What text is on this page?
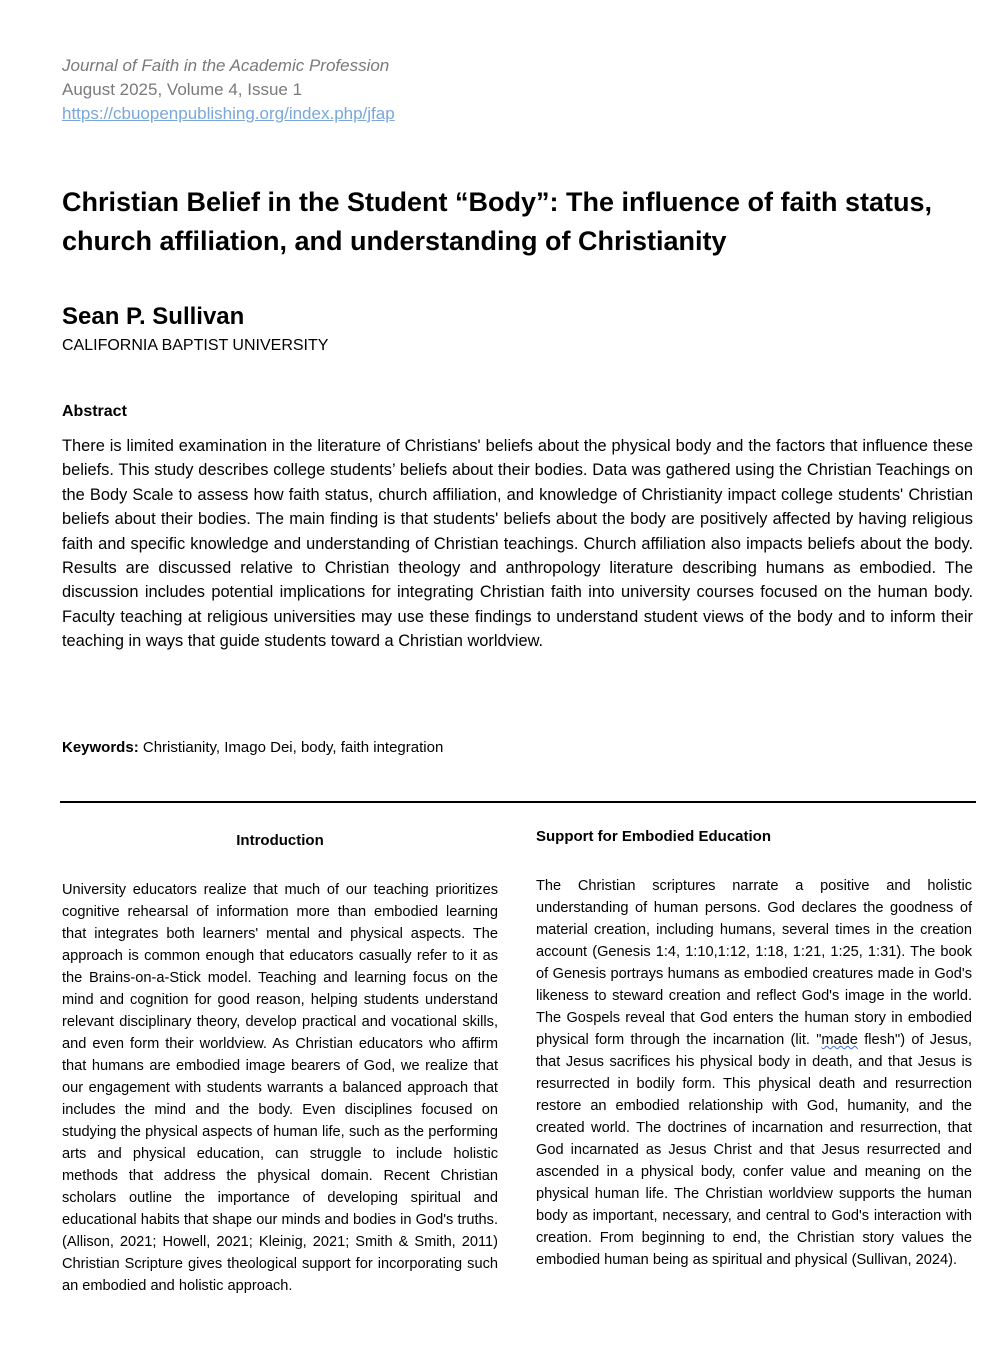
Journal of Faith in the Academic Profession
August 2025, Volume 4, Issue 1
https://cbuopenpublishing.org/index.php/jfap
Christian Belief in the Student “Body”: The influence of faith status, church affiliation, and understanding of Christianity
Sean P. Sullivan
CALIFORNIA BAPTIST UNIVERSITY
Abstract

There is limited examination in the literature of Christians' beliefs about the physical body and the factors that influence these beliefs. This study describes college students’ beliefs about their bodies. Data was gathered using the Christian Teachings on the Body Scale to assess how faith status, church affiliation, and knowledge of Christianity impact college students' Christian beliefs about their bodies. The main finding is that students' beliefs about the body are positively affected by having religious faith and specific knowledge and understanding of Christian teachings. Church affiliation also impacts beliefs about the body. Results are discussed relative to Christian theology and anthropology literature describing humans as embodied. The discussion includes potential implications for integrating Christian faith into university courses focused on the human body. Faculty teaching at religious universities may use these findings to understand student views of the body and to inform their teaching in ways that guide students toward a Christian worldview.

Keywords: Christianity, Imago Dei, body, faith integration
Introduction

University educators realize that much of our teaching prioritizes cognitive rehearsal of information more than embodied learning that integrates both learners' mental and physical aspects. The approach is common enough that educators casually refer to it as the Brains-on-a-Stick model. Teaching and learning focus on the mind and cognition for good reason, helping students understand relevant disciplinary theory, develop practical and vocational skills, and even form their worldview. As Christian educators who affirm that humans are embodied image bearers of God, we realize that our engagement with students warrants a balanced approach that includes the mind and the body. Even disciplines focused on studying the physical aspects of human life, such as the performing arts and physical education, can struggle to include holistic methods that address the physical domain. Recent Christian scholars outline the importance of developing spiritual and educational habits that shape our minds and bodies in God's truths. (Allison, 2021; Howell, 2021; Kleinig, 2021; Smith & Smith, 2011) Christian Scripture gives theological support for incorporating such an embodied and holistic approach.

Support for Embodied Education

The Christian scriptures narrate a positive and holistic understanding of human persons. God declares the goodness of material creation, including humans, several times in the creation account (Genesis 1:4, 1:10,1:12, 1:18, 1:21, 1:25, 1:31). The book of Genesis portrays humans as embodied creatures made in God's likeness to steward creation and reflect God's image in the world. The Gospels reveal that God enters the human story in embodied physical form through the incarnation (lit. "made flesh") of Jesus, that Jesus sacrifices his physical body in death, and that Jesus is resurrected in bodily form. This physical death and resurrection restore an embodied relationship with God, humanity, and the created world. The doctrines of incarnation and resurrection, that God incarnated as Jesus Christ and that Jesus resurrected and ascended in a physical body, confer value and meaning on the physical human life. The Christian worldview supports the human body as important, necessary, and central to God's interaction with creation. From beginning to end, the Christian story values the embodied human being as spiritual and physical (Sullivan, 2024).
